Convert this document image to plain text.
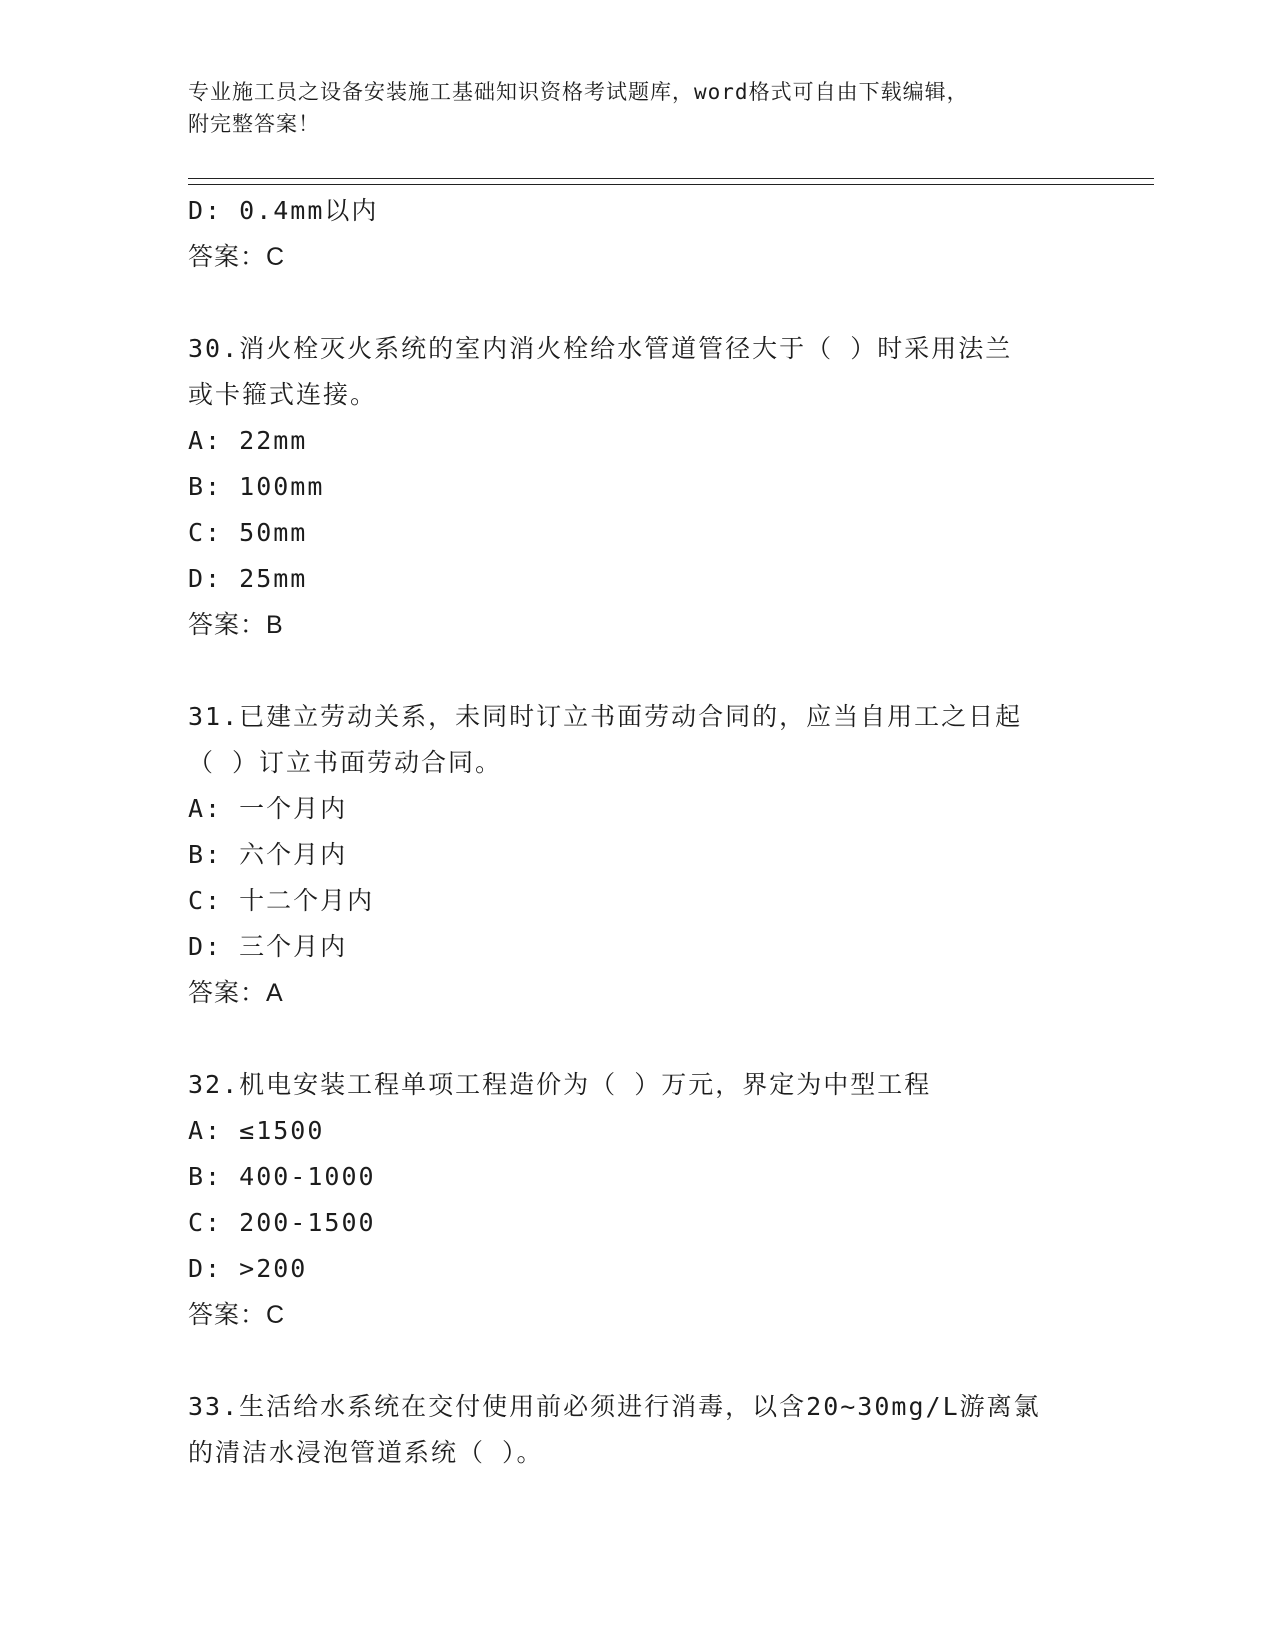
专业施工员之设备安装施工基础知识资格考试题库，word格式可自由下载编辑，
附完整答案！
D: 0.4mm以内
答案：C
30.消火栓灭火系统的室内消火栓给水管道管径大于（ ）时采用法兰
或卡箍式连接。
A: 22mm
B: 100mm
C: 50mm
D: 25mm
答案：B
31.已建立劳动关系，未同时订立书面劳动合同的，应当自用工之日起
（ ）订立书面劳动合同。
A: 一个月内
B: 六个月内
C: 十二个月内
D: 三个月内
答案：A
32.机电安装工程单项工程造价为（ ）万元，界定为中型工程
A: ≤1500
B: 400-1000
C: 200-1500
D: >200
答案：C
33.生活给水系统在交付使用前必须进行消毒，以含20~30mg/L游离氯
的清洁水浸泡管道系统（ ）。
